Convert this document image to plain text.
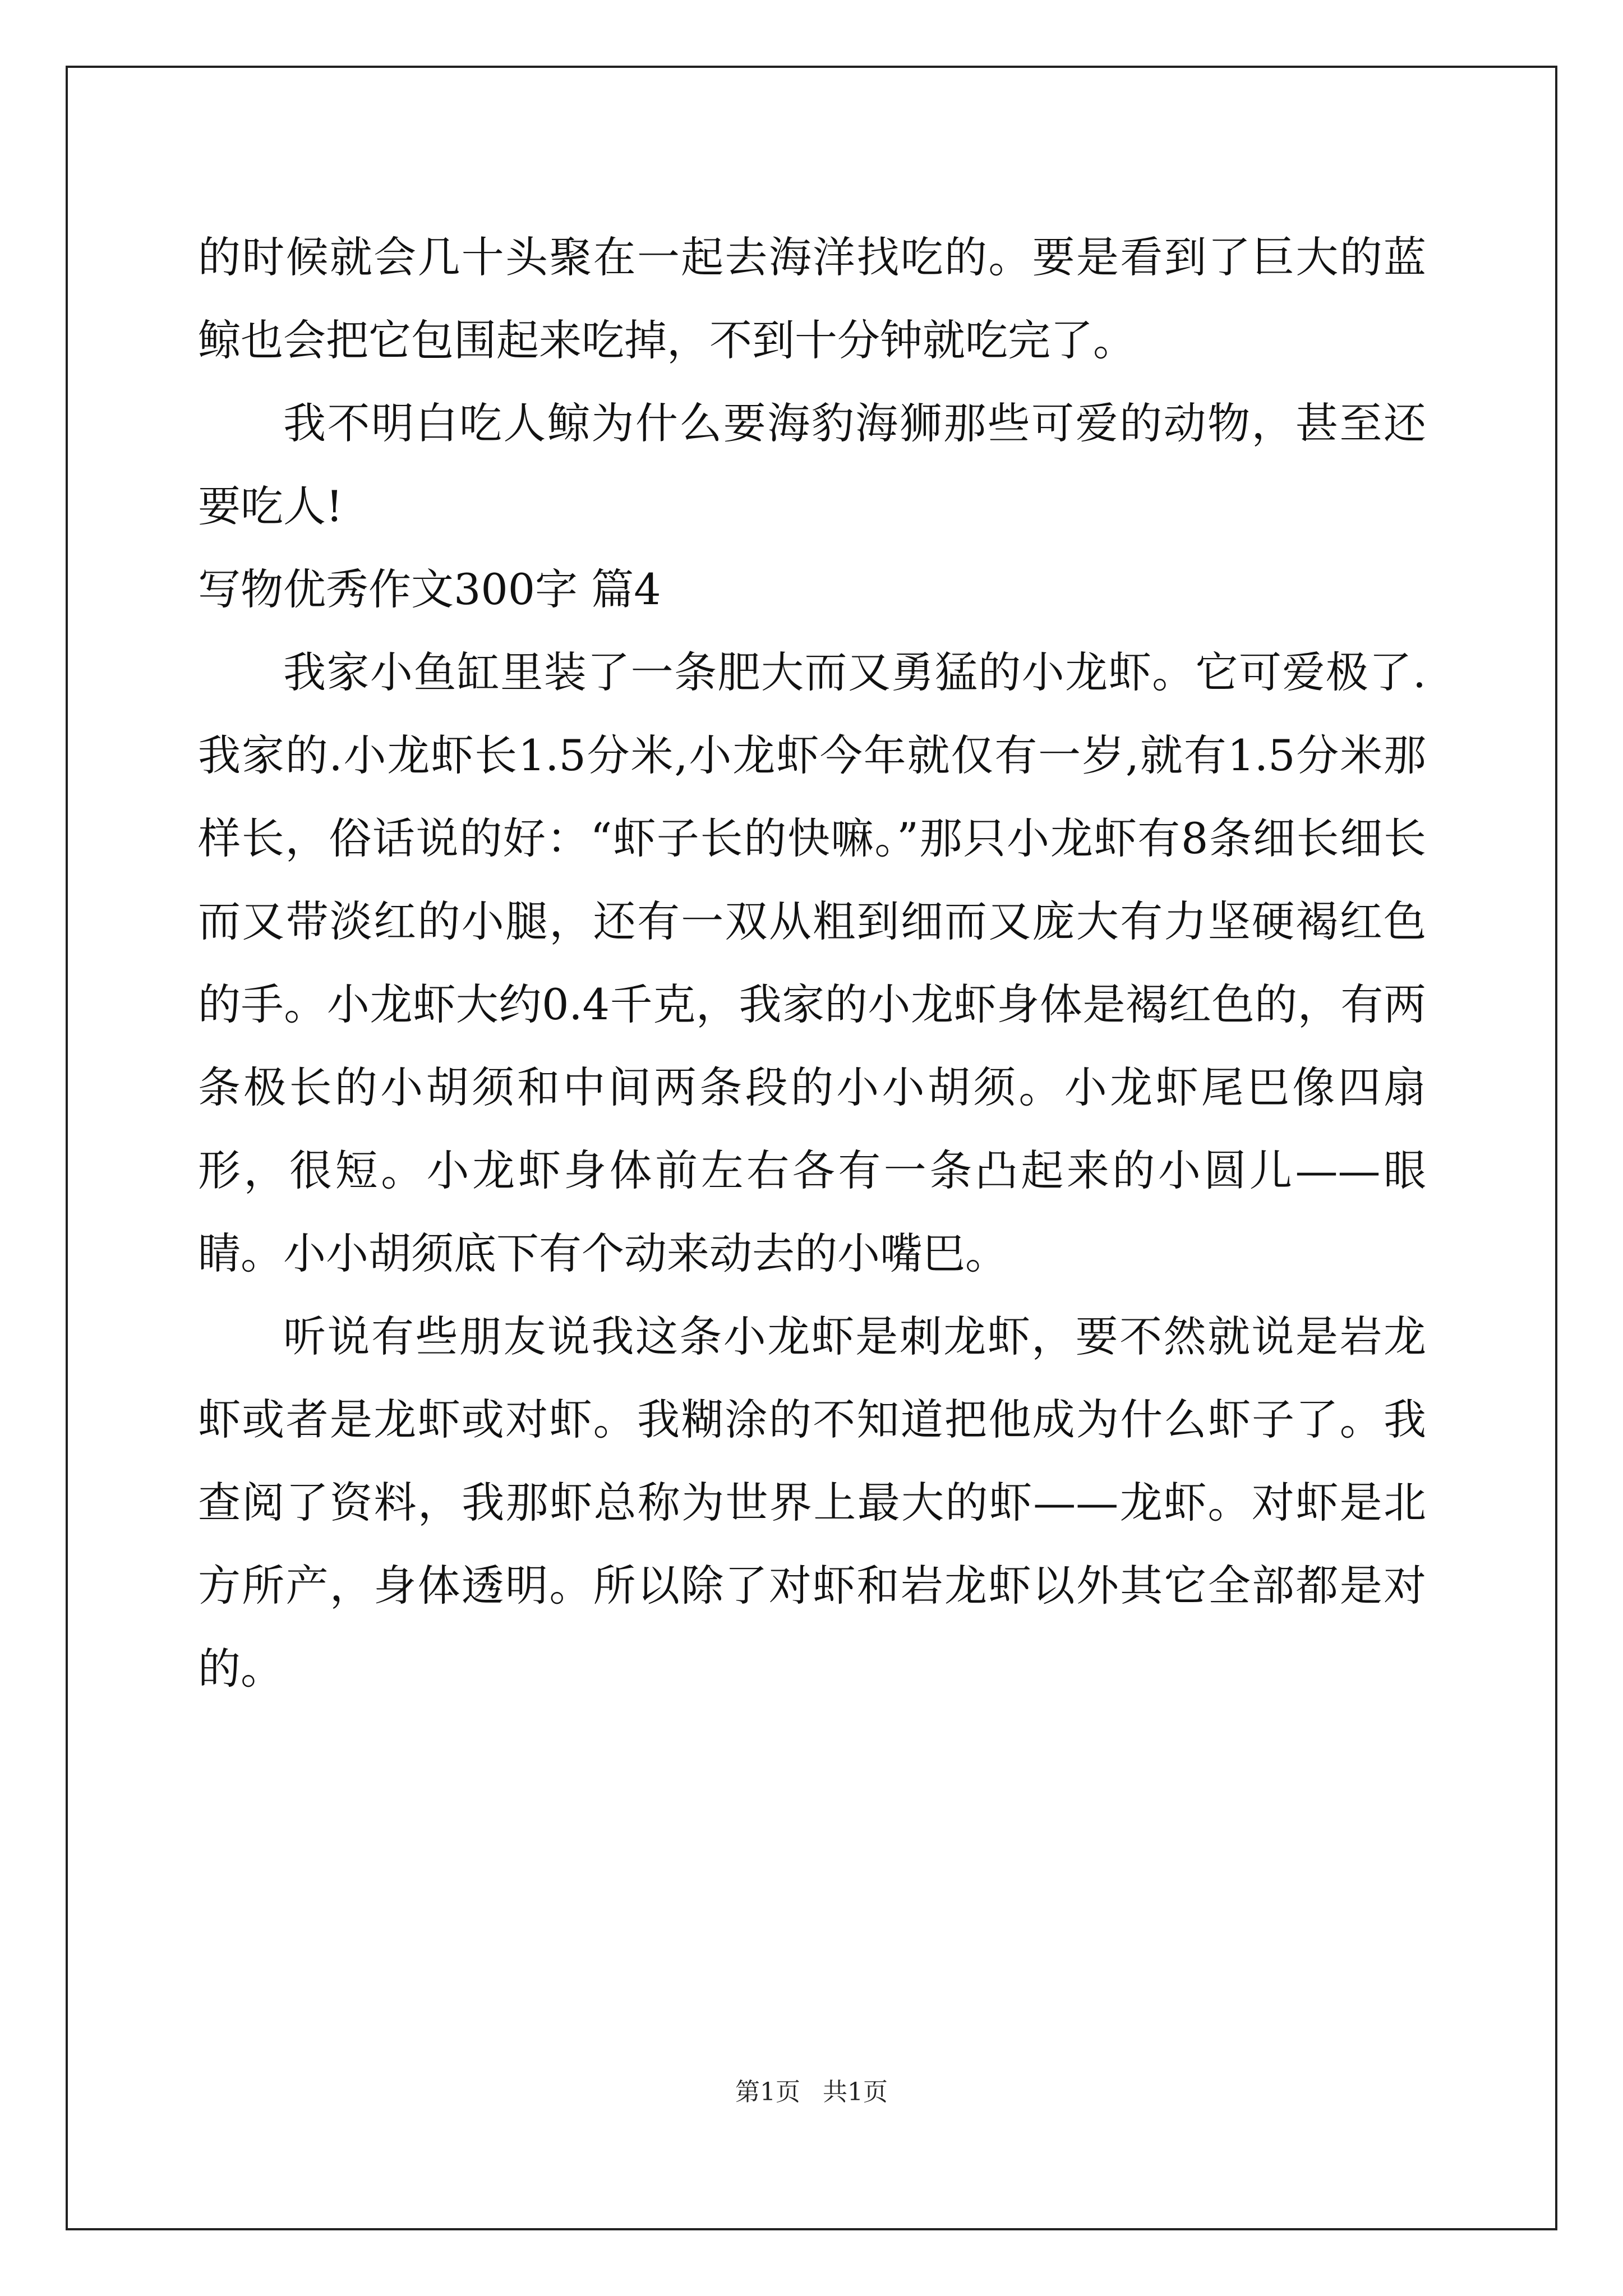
的时候就会几十头聚在一起去海洋找吃的。要是看到了巨大的蓝鲸也会把它包围起来吃掉，不到十分钟就吃完了。

我不明白吃人鲸为什么要海豹海狮那些可爱的动物，甚至还要吃人!

写物优秀作文300字 篇4

我家小鱼缸里装了一条肥大而又勇猛的小龙虾。它可爱极了.我家的.小龙虾长1.5分米,小龙虾今年就仅有一岁,就有1.5分米那样长，俗话说的好：“虾子长的快嘛。”那只小龙虾有8条细长细长而又带淡红的小腿，还有一双从粗到细而又庞大有力坚硬褐红色的手。小龙虾大约0.4千克，我家的小龙虾身体是褐红色的，有两条极长的小胡须和中间两条段的小小胡须。小龙虾尾巴像四扇形，很短。小龙虾身体前左右各有一条凸起来的小圆儿——眼睛。小小胡须底下有个动来动去的小嘴巴。

听说有些朋友说我这条小龙虾是刺龙虾，要不然就说是岩龙虾或者是龙虾或对虾。我糊涂的不知道把他成为什么虾子了。我查阅了资料，我那虾总称为世界上最大的虾——龙虾。对虾是北方所产，身体透明。所以除了对虾和岩龙虾以外其它全部都是对的。

第1页 共1页
